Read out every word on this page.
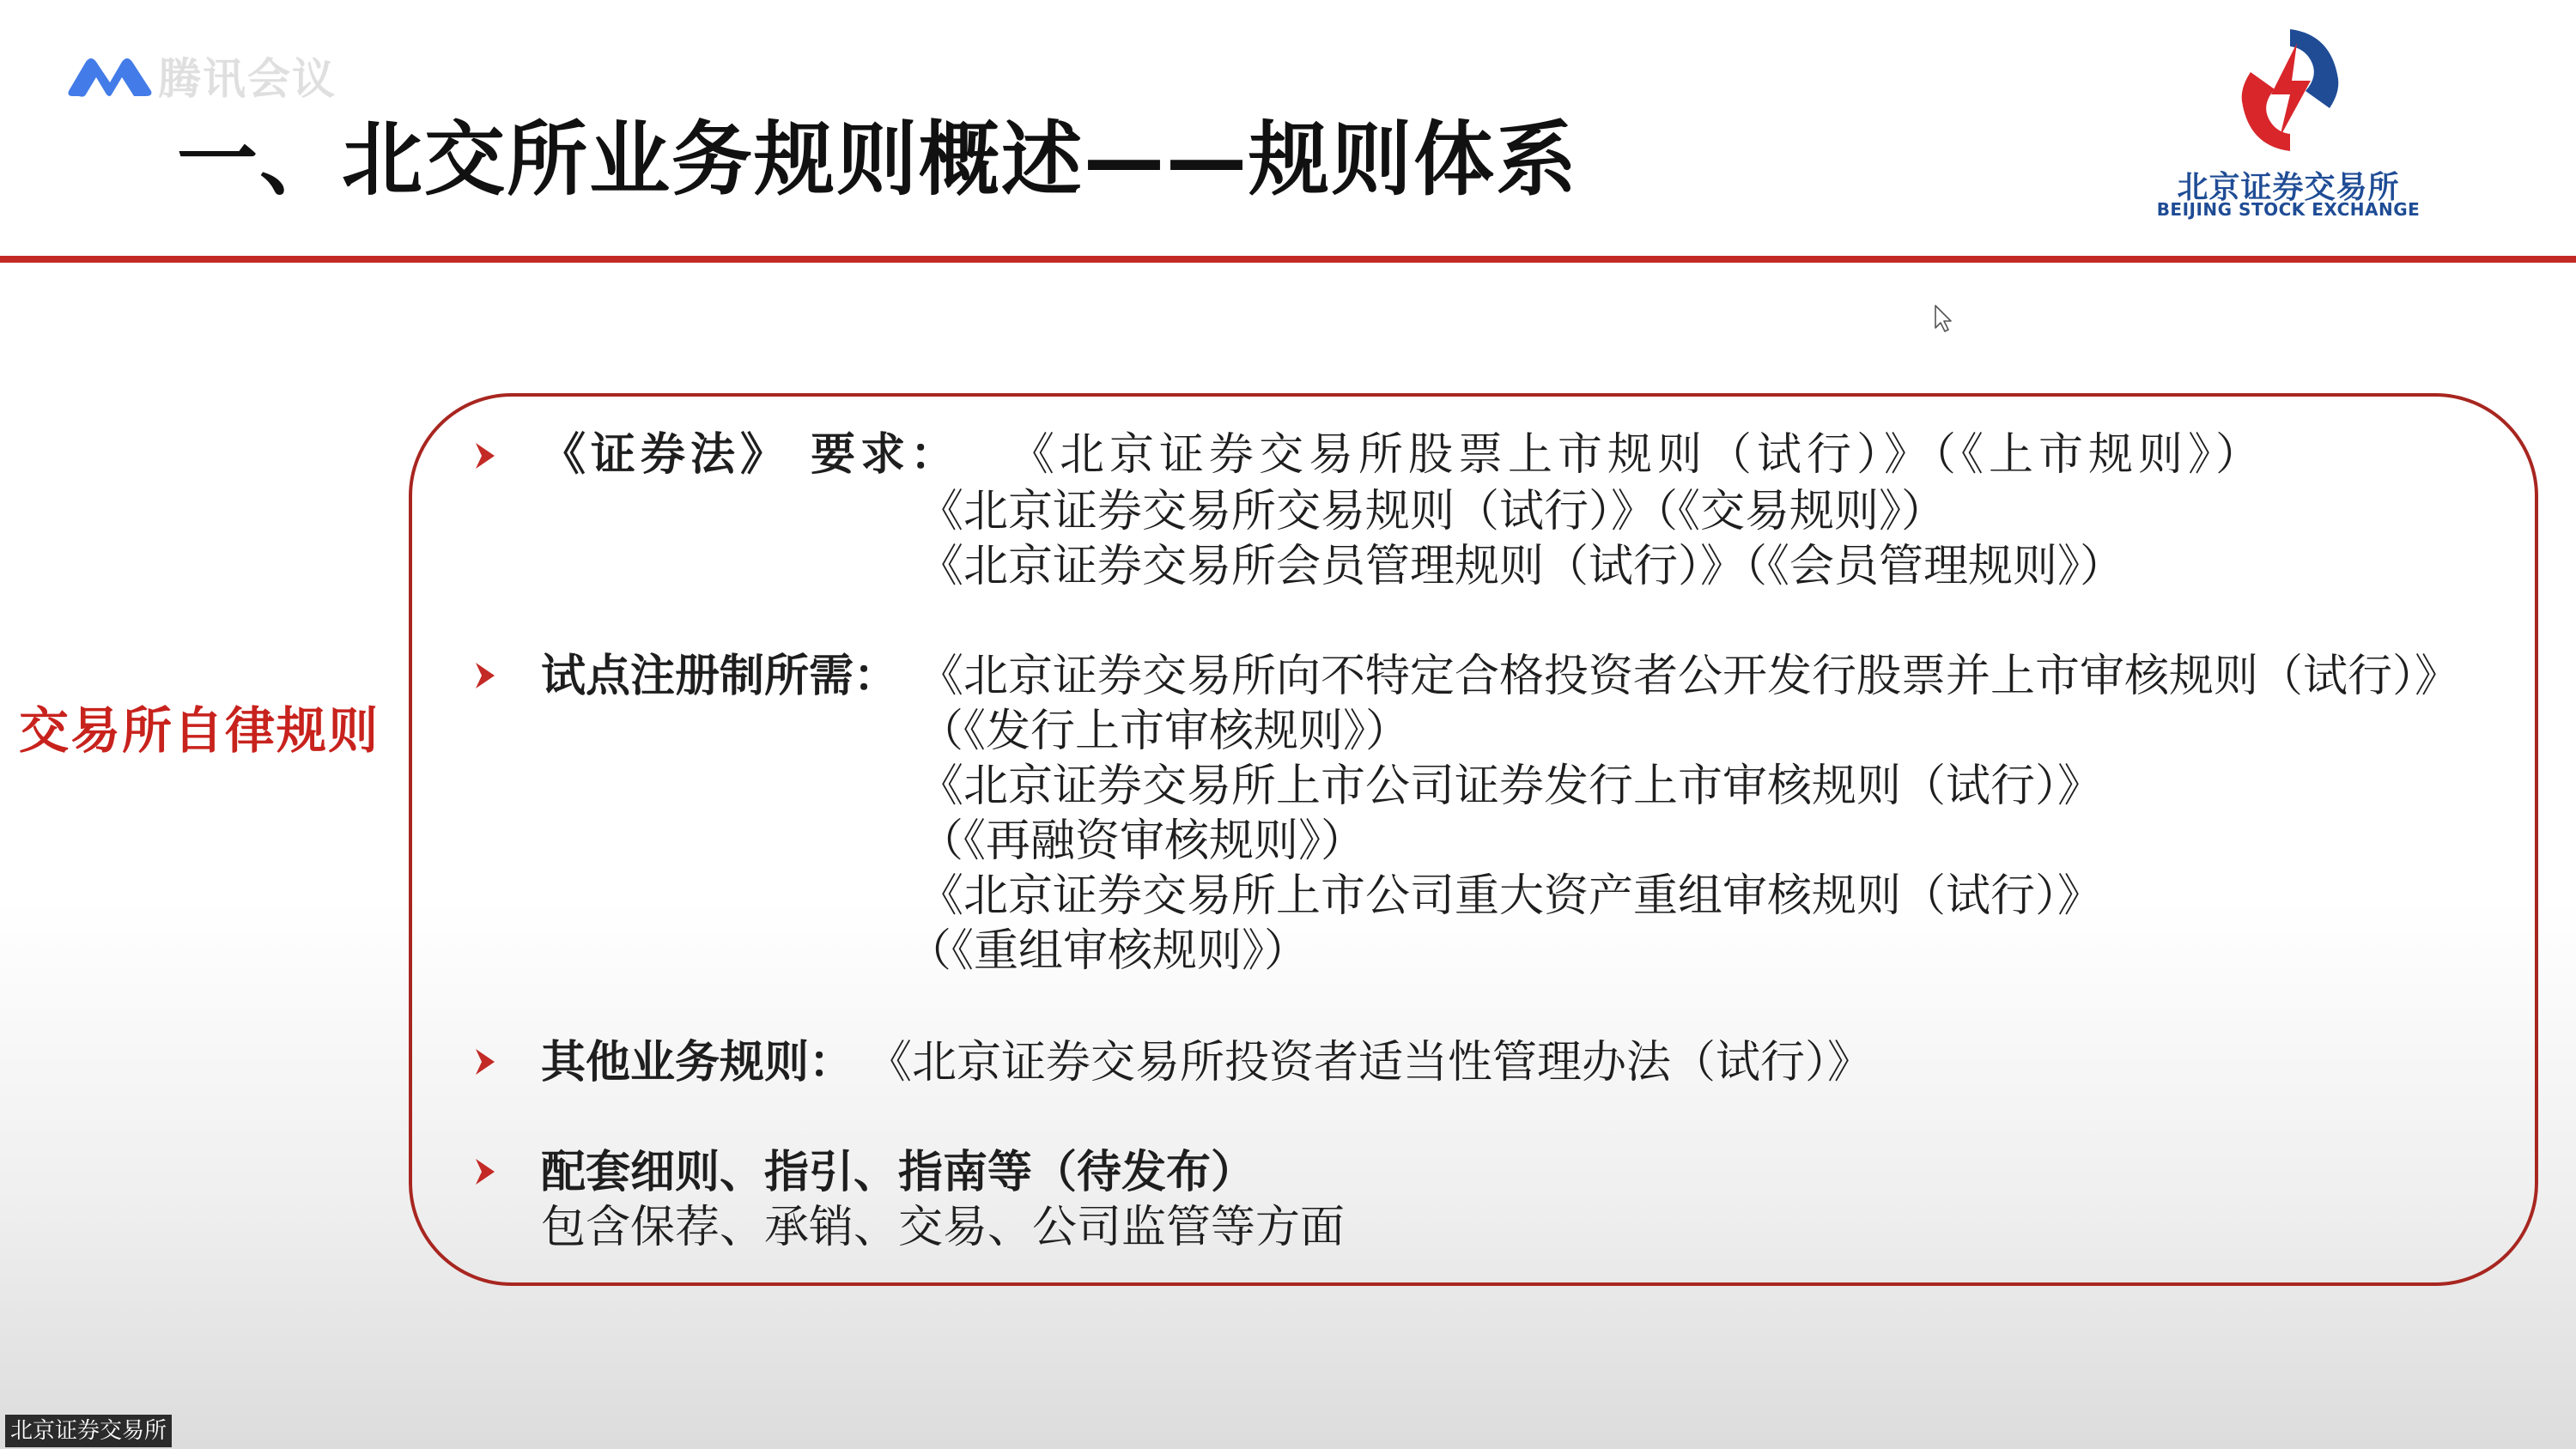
腾讯会议
一、北交所业务规则概述——规则体系	北京证券交易所
BEIJING STOCK EXCHANGE
交易所自律规则
《证券法》 要求： 《北京证券交易所股票上市规则（试行）》（《上市规则》）
《北京证券交易所交易规则（试行）》（《交易规则》）
《北京证券交易所会员管理规则（试行）》（《会员管理规则》）
试点注册制所需： 《北京证券交易所向不特定合格投资者公开发行股票并上市审核规则（试行）》
（《发行上市审核规则》）
《北京证券交易所上市公司证券发行上市审核规则（试行）》
（《再融资审核规则》）
《北京证券交易所上市公司重大资产重组审核规则（试行）》
（《重组审核规则》）
其他业务规则： 《北京证券交易所投资者适当性管理办法（试行）》
配套细则、指引、指南等（待发布）
包含保荐、承销、交易、公司监管等方面
北京证券交易所
